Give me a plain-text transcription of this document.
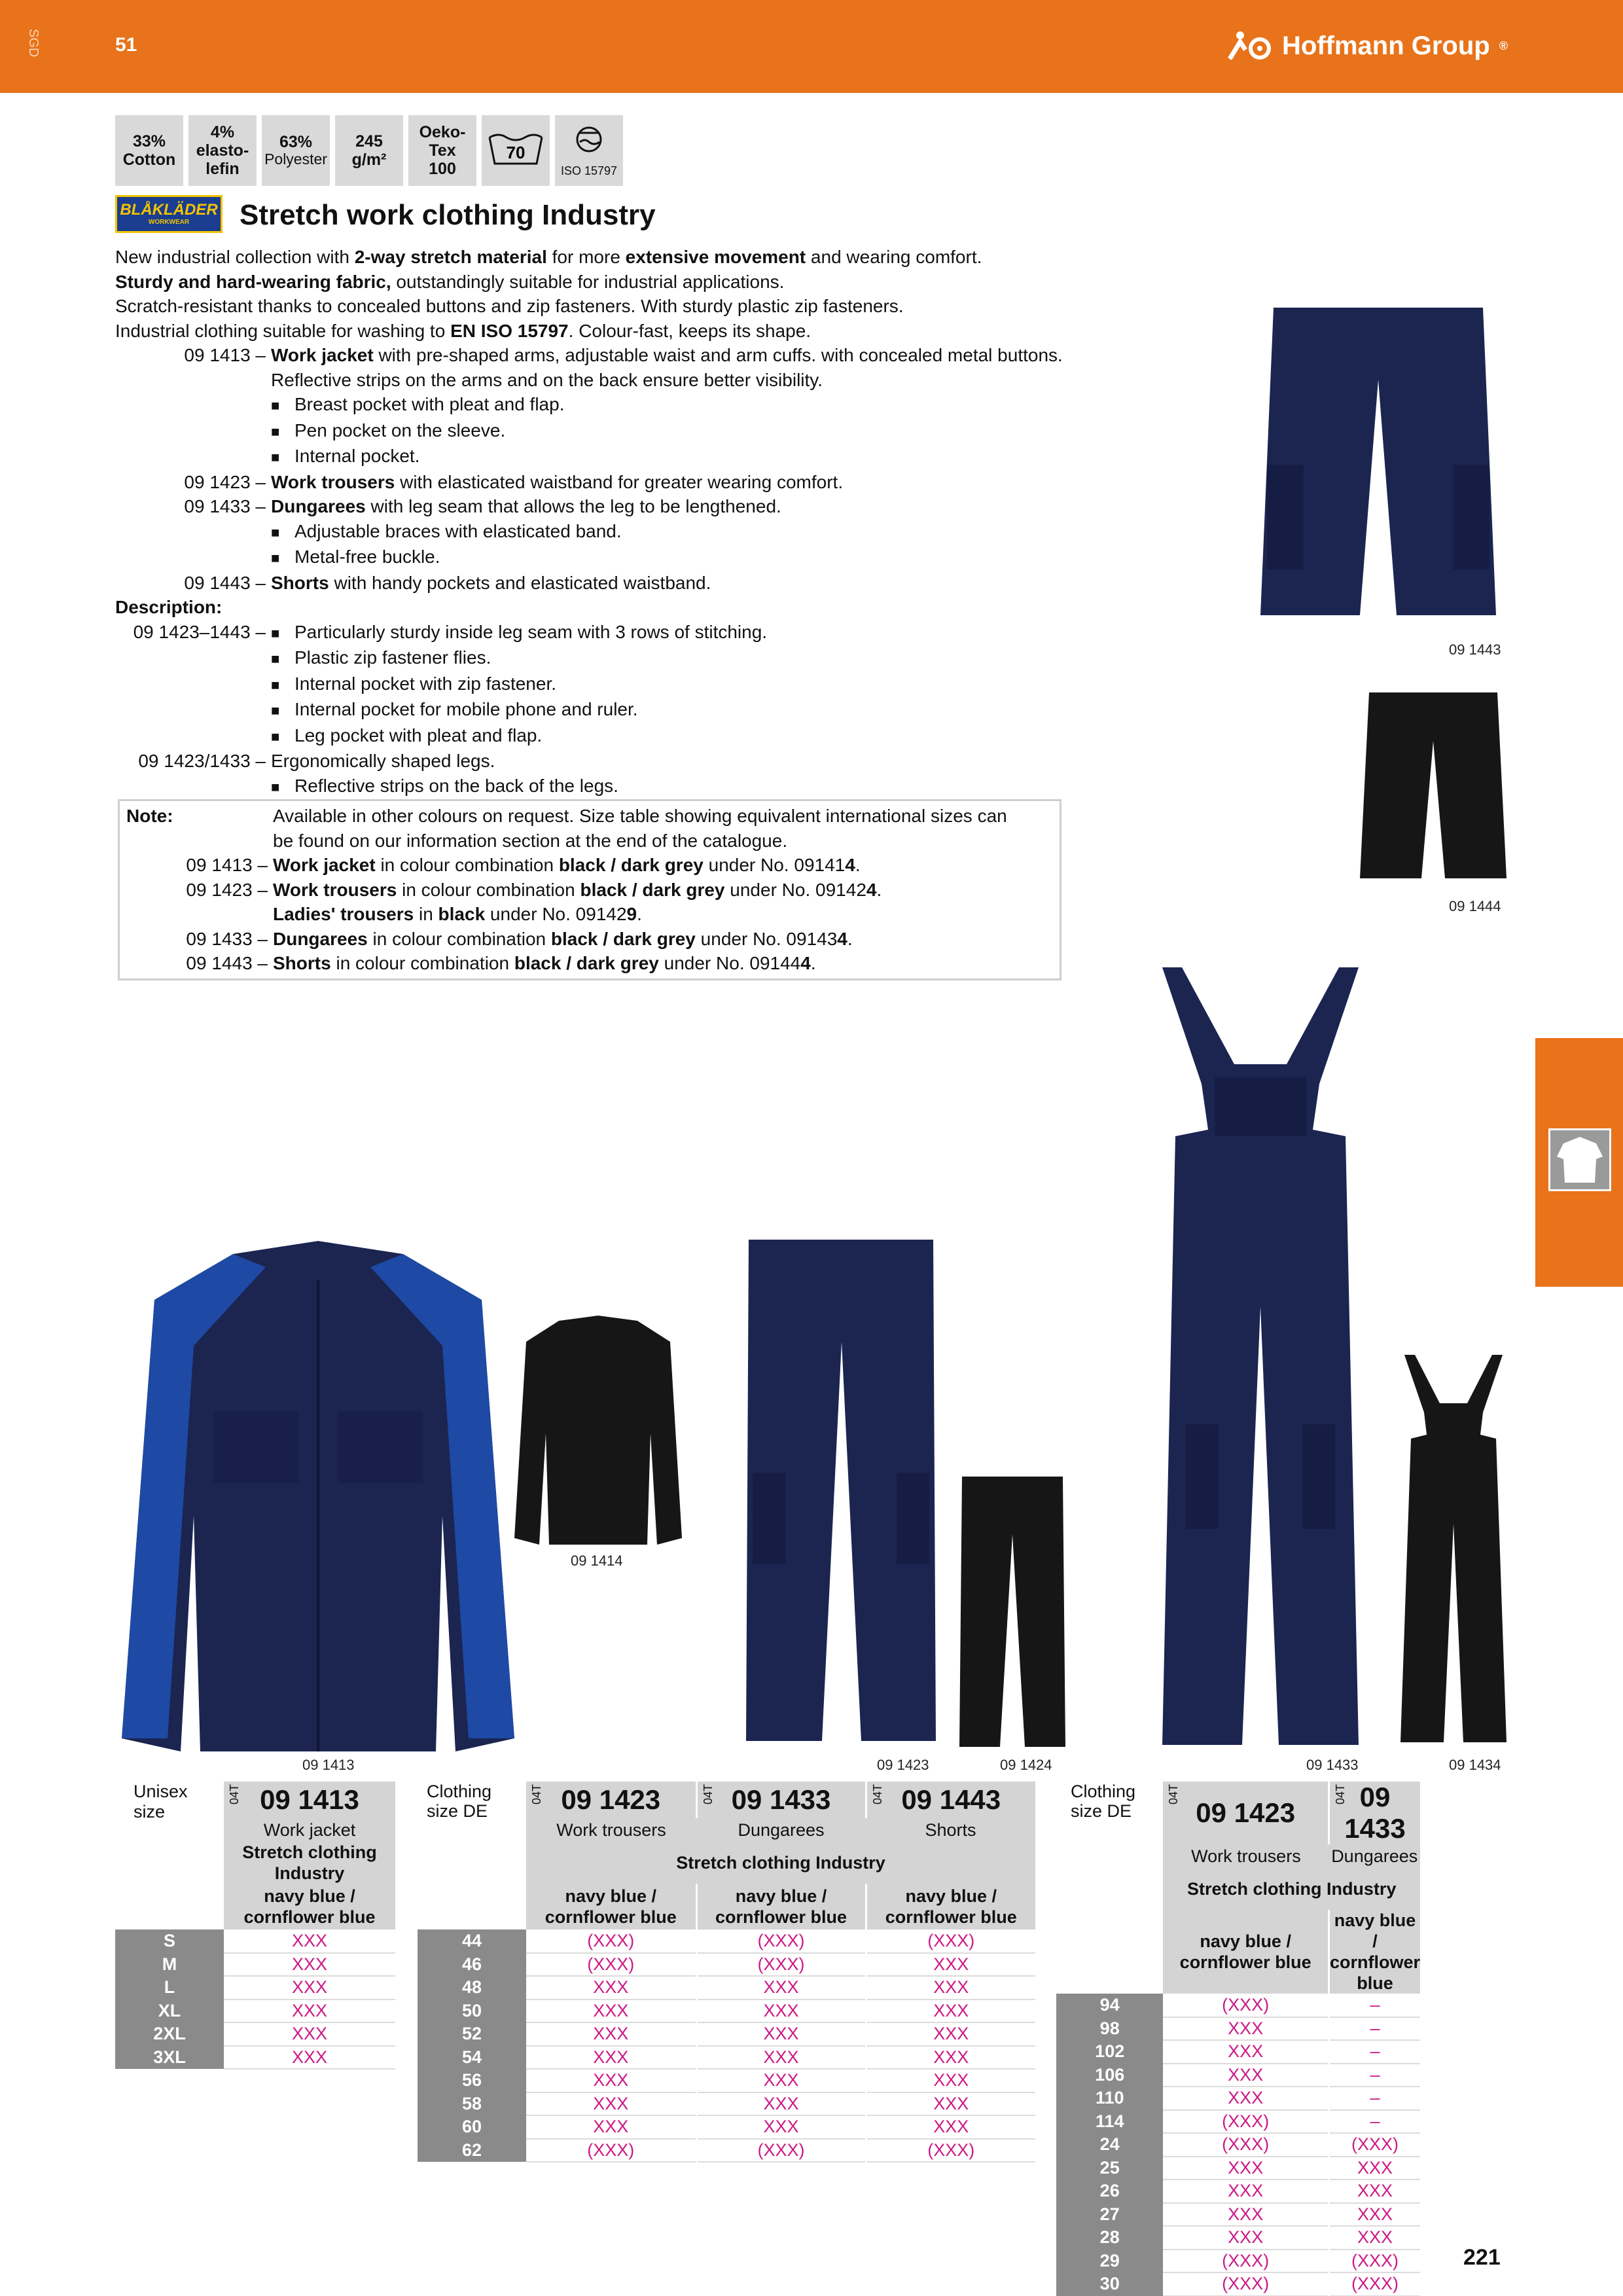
SGD	51	Hoffmann Group ®
33%
Cotton
4%
elasto-
lefin
63%
Polyester
245
g/m²
Oeko-
Tex
100
70
ISO 15797
BLÅKLÄDER
WORKWEAR Stretch work clothing Industry
New industrial collection with 2-way stretch material for more extensive movement and wearing comfort.
Sturdy and hard-wearing fabric, outstandingly suitable for industrial applications.
Scratch-resistant thanks to concealed buttons and zip fasteners. With sturdy plastic zip fasteners.
Industrial clothing suitable for washing to EN ISO 15797. Colour-fast, keeps its shape.
09 1413 – Work jacket with pre-shaped arms, adjustable waist and arm cuffs. with concealed metal buttons.
Reflective strips on the arms and on the back ensure better visibility.
■ Breast pocket with pleat and flap.
■ Pen pocket on the sleeve.
■ Internal pocket.
09 1423 – Work trousers with elasticated waistband for greater wearing comfort.
09 1433 – Dungarees with leg seam that allows the leg to be lengthened.
■ Adjustable braces with elasticated band.
■ Metal-free buckle.
09 1443 – Shorts with handy pockets and elasticated waistband.
Description:
09 1423–1443 – ■ Particularly sturdy inside leg seam with 3 rows of stitching.
■ Plastic zip fastener flies.
■ Internal pocket with zip fastener.
■ Internal pocket for mobile phone and ruler.
■ Leg pocket with pleat and flap.
09 1423/1433 – Ergonomically shaped legs.
■ Reflective strips on the back of the legs.
Note:	Available in other colours on request. Size table showing equivalent international sizes can
be found on our information section at the end of the catalogue.
09 1413 – Work jacket in colour combination black / dark grey under No. 091414.
09 1423 – Work trousers in colour combination black / dark grey under No. 091424.
Ladies' trousers in black under No. 091429.
09 1433 – Dungarees in colour combination black / dark grey under No. 091434.
09 1443 – Shorts in colour combination black / dark grey under No. 091444.
09 1443
09 1444
09 1413
09 1414
09 1423	09 1424	09 1433	09 1434
Unisex size	04T 09 1413
	Work jacket
	Stretch clothing Industry
	navy blue / cornflower blue
S	XXX
M	XXX
L	XXX
XL	XXX
2XL	XXX
3XL	XXX
Clothing size DE	04T 09 1423	04T 09 1433	04T 09 1443
	Work trousers	Dungarees	Shorts
	Stretch clothing Industry		
	navy blue / cornflower blue	navy blue / cornflower blue	navy blue / cornflower blue
44	(XXX)	(XXX)	(XXX)
46	(XXX)	(XXX)	XXX
48	XXX	XXX	XXX
50	XXX	XXX	XXX
52	XXX	XXX	XXX
54	XXX	XXX	XXX
56	XXX	XXX	XXX
58	XXX	XXX	XXX
60	XXX	XXX	XXX
62	(XXX)	(XXX)	(XXX)
Clothing size DE	04T
09 1423	04T 09 1433
	Work trousers	Dungarees
	Stretch clothing Industry	
	navy blue / cornflower blue	navy blue / cornflower blue
94	(XXX)	–
98	XXX	–
102	XXX	–
106	XXX	–
110	XXX	–
114	(XXX)	–
24	(XXX)	(XXX)
25	XXX	XXX
26	XXX	XXX
27	XXX	XXX
28	XXX	XXX
29	(XXX)	(XXX)
30	(XXX)	(XXX)
221
